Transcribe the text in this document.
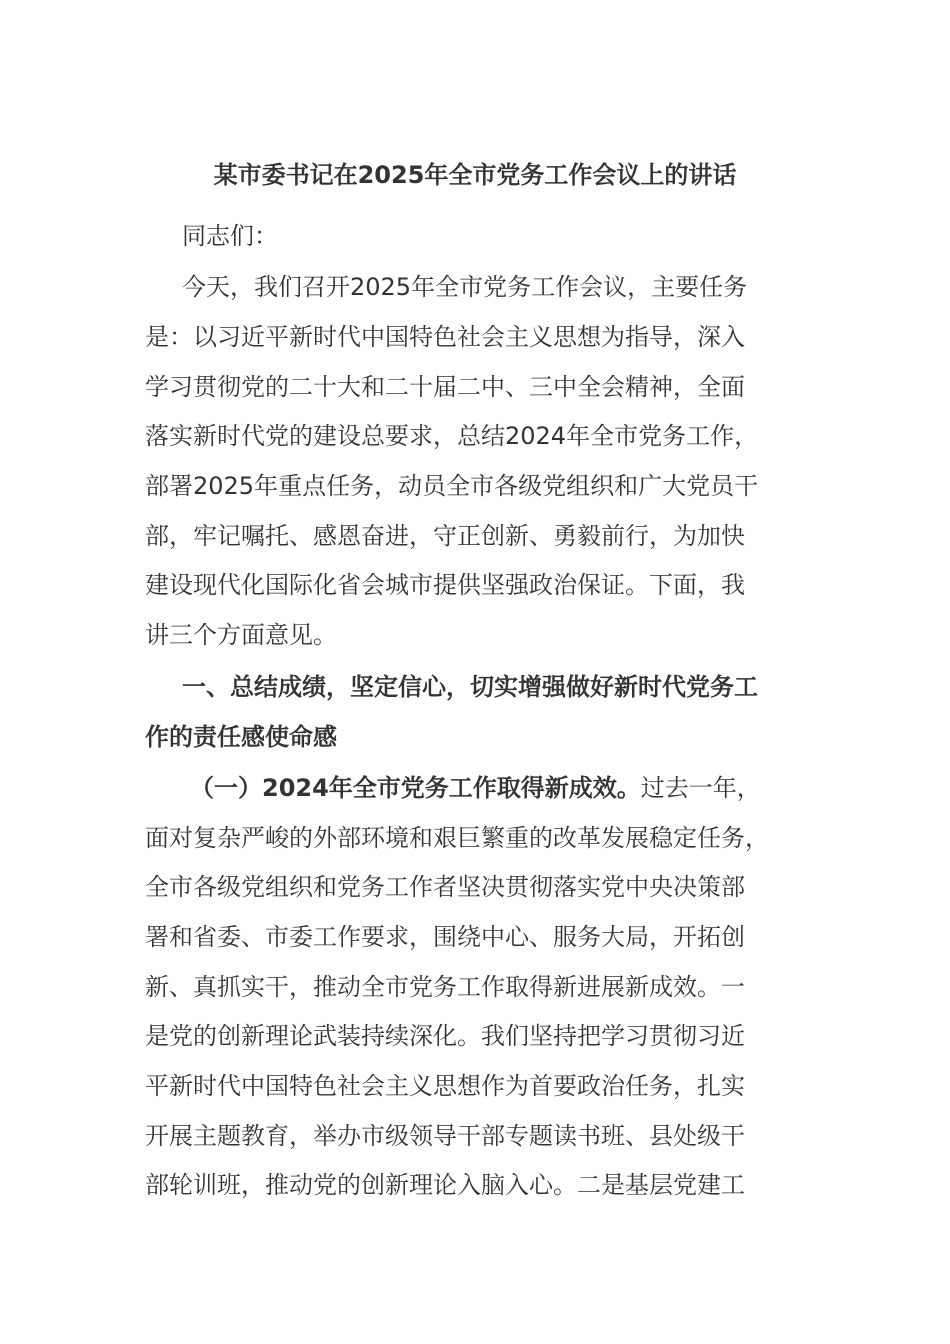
某市委书记在2025年全市党务工作会议上的讲话

同志们：

今天，我们召开2025年全市党务工作会议，主要任务

是：以习近平新时代中国特色社会主义思想为指导，深入

学习贯彻党的二十大和二十届二中、三中全会精神，全面

落实新时代党的建设总要求，总结2024年全市党务工作，

部署2025年重点任务，动员全市各级党组织和广大党员干

部，牢记嘱托、感恩奋进，守正创新、勇毅前行，为加快

建设现代化国际化省会城市提供坚强政治保证。下面，我

讲三个方面意见。

一、总结成绩，坚定信心，切实增强做好新时代党务工

作的责任感使命感

（一）2024年全市党务工作取得新成效。过去一年，

面对复杂严峻的外部环境和艰巨繁重的改革发展稳定任务，

全市各级党组织和党务工作者坚决贯彻落实党中央决策部

署和省委、市委工作要求，围绕中心、服务大局，开拓创

新、真抓实干，推动全市党务工作取得新进展新成效。一

是党的创新理论武装持续深化。我们坚持把学习贯彻习近

平新时代中国特色社会主义思想作为首要政治任务，扎实

开展主题教育，举办市级领导干部专题读书班、县处级干

部轮训班，推动党的创新理论入脑入心。二是基层党建工
